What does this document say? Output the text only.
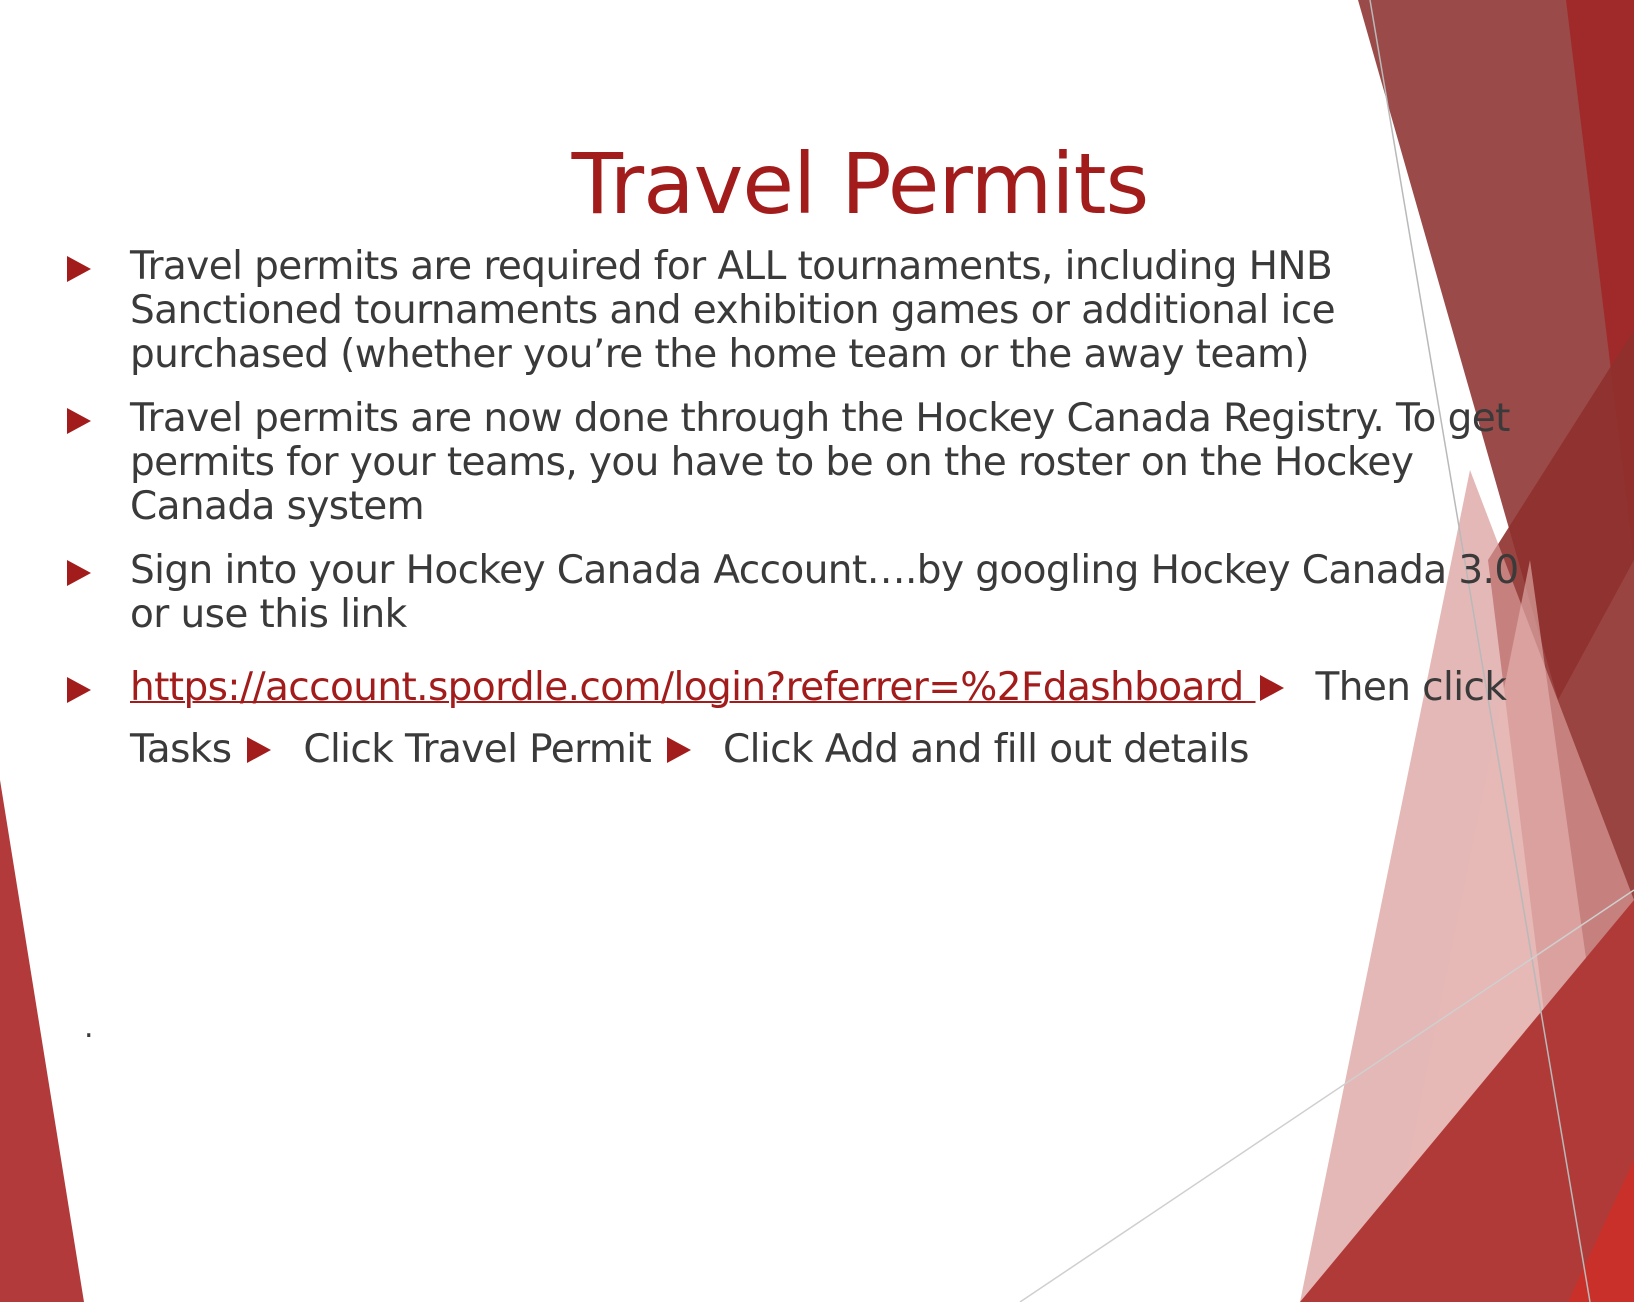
Travel Permits
Travel permits are required for ALL tournaments, including HNB Sanctioned tournaments and exhibition games or additional ice purchased (whether you’re the home team or the away team)
Travel permits are now done through the Hockey Canada Registry. To get permits for your teams, you have to be on the roster on the Hockey Canada system
Sign into your Hockey Canada Account….by googling Hockey Canada 3.0 or use this link
https://account.spordle.com/login?referrer=%2Fdashboard Then click
Tasks Click Travel Permit Click Add and fill out details
.
